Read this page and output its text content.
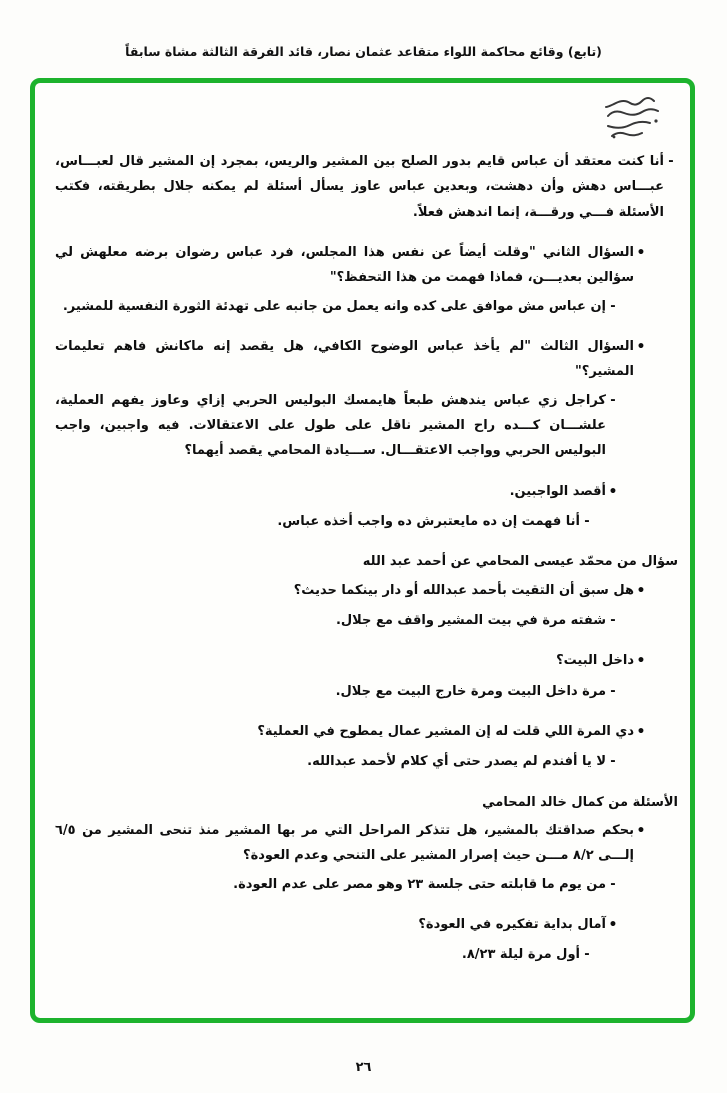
(تابع) وقائع محاكمة اللواء متقاعد عثمان نصار، قائد الفرقة الثالثة مشاة سابقاً
-
أنا كنت معتقد أن عباس قايم بدور الصلح بين المشير والريس، بمجرد إن المشير قال لعبـــاس، عبـــاس دهش وأن دهشت، وبعدين عباس عاوز يسأل أسئلة لم يمكنه جلال بطريقته، فكتب الأسئلة فـــي ورقـــة، إنما اندهش فعلاً.
•
السؤال الثاني "وقلت أيضاً عن نفس هذا المجلس، فرد عباس رضوان برضه معلهش لي سؤالين بعديـــن، فماذا فهمت من هذا التحفظ؟"
-
إن عباس مش موافق على كده وانه يعمل من جانبه على تهدئة الثورة النفسية للمشير.
•
السؤال الثالث "لم يأخذ عباس الوضوح الكافي، هل يقصد إنه ماكانش فاهم تعليمات المشير؟"
-
كراجل زي عباس يندهش طبعاً هايمسك البوليس الحربي إزاي وعاوز يفهم العملية، علشـــان كـــده راح المشير ناقل على طول على الاعتقالات. فيه واجبين، واجب البوليس الحربي وواجب الاعتقـــال. ســـيادة المحامي يقصد أيهما؟
•
أقصد الواجبين.
-
أنا فهمت إن ده مايعتبرش ده واجب أخذه عباس.
سؤال من محمّد عيسى المحامي عن أحمد عبد الله
•
هل سبق أن التقيت بأحمد عبدالله أو دار بينكما حديث؟
-
شفته مرة في بيت المشير واقف مع جلال.
•
داخل البيت؟
-
مرة داخل البيت ومرة خارج البيت مع جلال.
•
دي المرة اللي قلت له إن المشير عمال يمطوح في العملية؟
-
لا يا أفندم لم يصدر حتى أي كلام لأحمد عبدالله.
الأسئلة من كمال خالد المحامي
•
بحكم صداقتك بالمشير، هل تتذكر المراحل التي مر بها المشير منذ تنحى المشير من ٦/٥ إلـــى ٨/٢ مـــن حيث إصرار المشير على التنحي وعدم العودة؟
-
من يوم ما قابلته حتى جلسة ٢٣ وهو مصر على عدم العودة.
•
آمال بداية تفكيره في العودة؟
-
أول مرة ليلة ٨/٢٣.
٢٦
